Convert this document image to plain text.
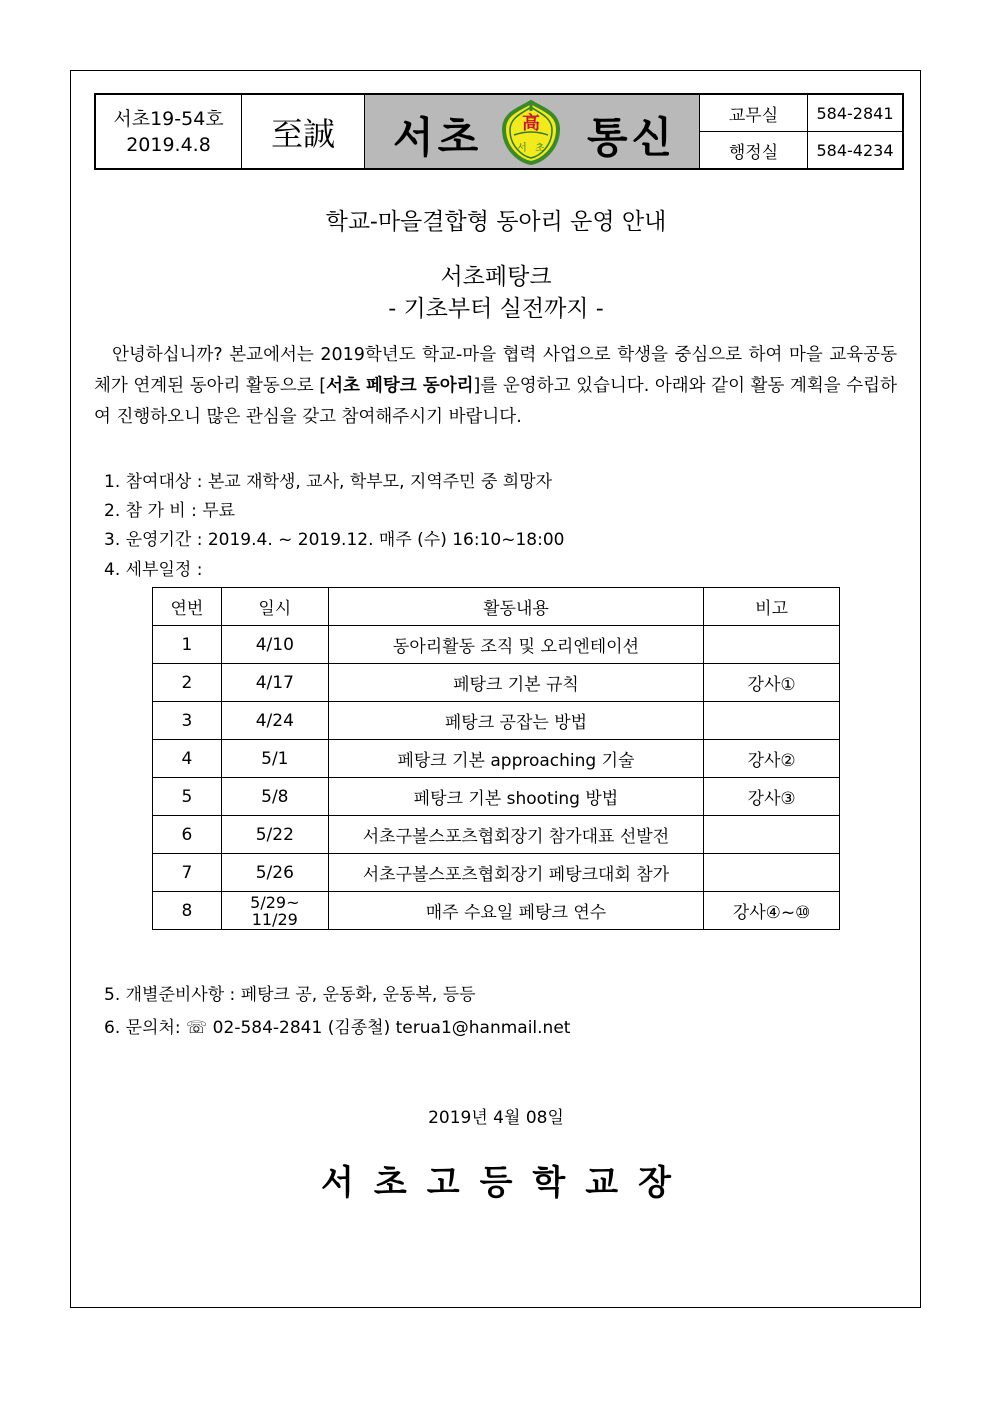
서초19-54호
2019.4.8	至誠	서초 高
서 초 통신	교무실	584-2841
행정실	584-4234
학교-마을결합형 동아리 운영 안내
서초페탕크
- 기초부터 실전까지 -
안녕하십니까? 본교에서는 2019학년도 학교-마을 협력 사업으로 학생을 중심으로 하여 마을 교육공동체가 연계된 동아리 활동으로 [서초 페탕크 동아리]를 운영하고 있습니다. 아래와 같이 활동 계획을 수립하여 진행하오니 많은 관심을 갖고 참여해주시기 바랍니다.
1. 참여대상 : 본교 재학생, 교사, 학부모, 지역주민 중 희망자
2. 참 가 비 : 무료
3. 운영기간 : 2019.4. ~ 2019.12. 매주 (수) 16:10~18:00
4. 세부일정 :
연번	일시	활동내용	비고
1	4/10	동아리활동 조직 및 오리엔테이션	
2	4/17	페탕크 기본 규칙	강사①
3	4/24	페탕크 공잡는 방법	
4	5/1	페탕크 기본 approaching 기술	강사②
5	5/8	페탕크 기본 shooting 방법	강사③
6	5/22	서초구볼스포츠협회장기 참가대표 선발전	
7	5/26	서초구볼스포츠협회장기 페탕크대회 참가	
8	5/29~
11/29	매주 수요일 페탕크 연수	강사④~⑩
5. 개별준비사항 : 페탕크 공, 운동화, 운동복, 등등
6. 문의처: ☏ 02-584-2841 (김종철) terua1@hanmail.net
2019년 4월 08일
서초고등학교장
